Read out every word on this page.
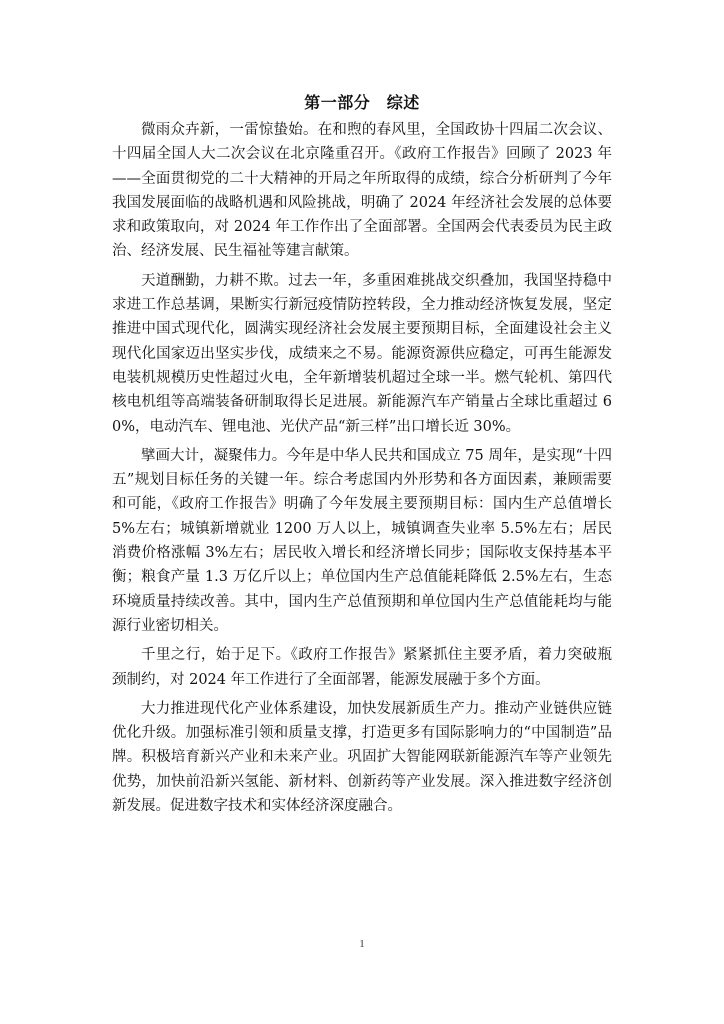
第一部分　综述

微雨众卉新，一雷惊蛰始。在和煦的春风里，全国政协十四届二次会议、十四届全国人大二次会议在北京隆重召开。《政府工作报告》回顾了 2023 年——全面贯彻党的二十大精神的开局之年所取得的成绩，综合分析研判了今年我国发展面临的战略机遇和风险挑战，明确了 2024 年经济社会发展的总体要求和政策取向，对 2024 年工作作出了全面部署。全国两会代表委员为民主政治、经济发展、民生福祉等建言献策。

天道酬勤，力耕不欺。过去一年，多重困难挑战交织叠加，我国坚持稳中求进工作总基调，果断实行新冠疫情防控转段，全力推动经济恢复发展，坚定推进中国式现代化，圆满实现经济社会发展主要预期目标，全面建设社会主义现代化国家迈出坚实步伐，成绩来之不易。能源资源供应稳定，可再生能源发电装机规模历史性超过火电，全年新增装机超过全球一半。燃气轮机、第四代核电机组等高端装备研制取得长足进展。新能源汽车产销量占全球比重超过 60%，电动汽车、锂电池、光伏产品“新三样”出口增长近 30%。

擘画大计，凝聚伟力。今年是中华人民共和国成立 75 周年，是实现“十四五”规划目标任务的关键一年。综合考虑国内外形势和各方面因素，兼顾需要和可能，《政府工作报告》明确了今年发展主要预期目标：国内生产总值增长 5%左右；城镇新增就业 1200 万人以上，城镇调查失业率 5.5%左右；居民消费价格涨幅 3%左右；居民收入增长和经济增长同步；国际收支保持基本平衡；粮食产量 1.3 万亿斤以上；单位国内生产总值能耗降低 2.5%左右，生态环境质量持续改善。其中，国内生产总值预期和单位国内生产总值能耗均与能源行业密切相关。

千里之行，始于足下。《政府工作报告》紧紧抓住主要矛盾，着力突破瓶颈制约，对 2024 年工作进行了全面部署，能源发展融于多个方面。

大力推进现代化产业体系建设，加快发展新质生产力。推动产业链供应链优化升级。加强标准引领和质量支撑，打造更多有国际影响力的“中国制造”品牌。积极培育新兴产业和未来产业。巩固扩大智能网联新能源汽车等产业领先优势，加快前沿新兴氢能、新材料、创新药等产业发展。深入推进数字经济创新发展。促进数字技术和实体经济深度融合。

1
